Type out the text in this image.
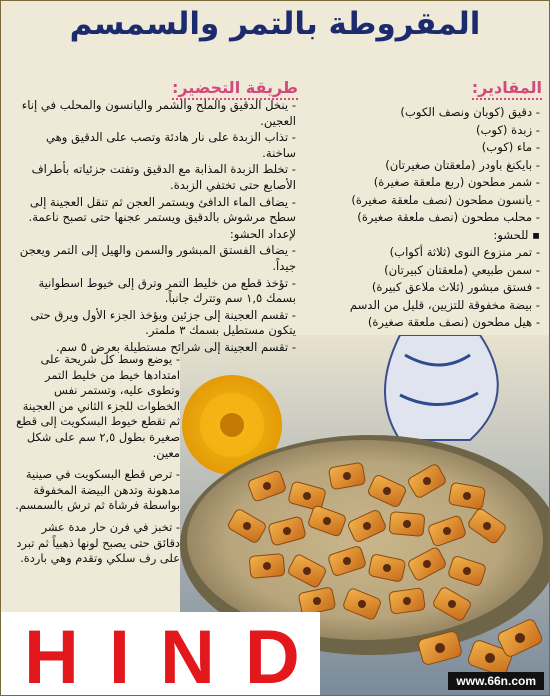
المقروطة بالتمر والسمسم
المقادير:
طريقة التحضير:
- دقيق (كوبان ونصف الكوب)
- زبدة (كوب)
- ماء (كوب)
- بايكنغ باودر (ملعقتان صغيرتان)
- شمر مطحون (ربع ملعقة صغيرة)
- يانسون مطحون (نصف ملعقة صغيرة)
- محلب مطحون (نصف ملعقة صغيرة)
▪ للحشو:
- تمر منزوع النوى (ثلاثة أكواب)
- سمن طبيعي (ملعقتان كبيرتان)
- فستق مبشور (ثلاث ملاعق كبيرة)
- بيضة مخفوقة للتزيين، قليل من الدسم
- هيل مطحون (نصف ملعقة صغيرة)
- ينخل الدقيق والملح والشمر واليانسون والمحلب في إناء العجين.
- تذاب الزبدة على نار هادئة وتصب على الدقيق وهي ساخنة.
- تخلط الزبدة المذابة مع الدقيق وتفتت جزئياته بأطراف الأصابع حتى تختفي الزبدة.
- يضاف الماء الدافئ ويستمر العجن ثم تنقل العجينة إلى سطح مرشوش بالدقيق ويستمر عجنها حتى تصبح ناعمة.
لإعداد الحشو:
- يضاف الفستق المبشور والسمن والهيل إلى التمر ويعجن جيداً.
- تؤخذ قطع من خليط التمر وترق إلى خيوط اسطوانية بسمك ١,٥ سم وتترك جانباً.
- تقسم العجينة إلى جزئين ويؤخذ الجزء الأول ويرق حتى يتكون مستطيل بسمك ٣ ملمتر.
- تقسم العجينة إلى شرائح مستطيلة بعرض ٥ سم.
- يوضع وسط كل شريحة على امتدادها خيط من خليط التمر وتطوى عليه، وتستمر نفس الخطوات للجزء الثاني من العجينة ثم تقطع خيوط البسكويت إلى قطع صغيرة بطول ٢,٥ سم على شكل معين.
- ترص قطع البسكويت في صينية مدهونة وتدهن البيضة المخفوقة بواسطة فرشاة ثم ترش بالسمسم.
- تخبز في فرن حار مدة عشر دقائق حتى يصبح لونها ذهبياً ثم تبرد على رف سلكي وتقدم وهي باردة.
HIND	www.66n.com
